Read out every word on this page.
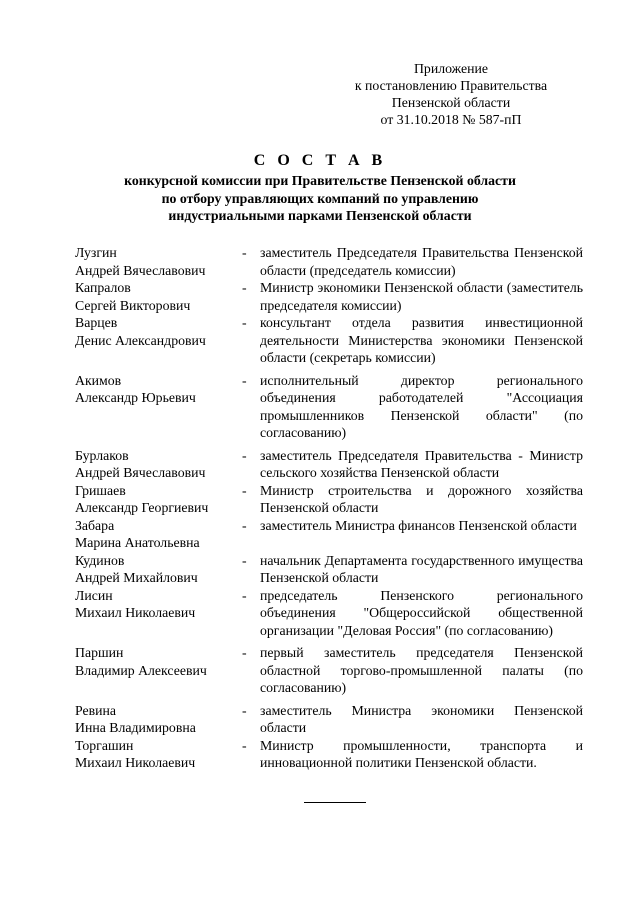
Приложение
к постановлению Правительства
Пензенской области
от 31.10.2018 № 587-пП
С О С Т А В
конкурсной комиссии при Правительстве Пензенской области
по отбору управляющих компаний по управлению
индустриальными парками Пензенской области
Лузгин
Андрей Вячеславович
- заместитель Председателя Правительства Пензенской области (председатель комиссии)
Капралов
Сергей Викторович
- Министр экономики Пензенской области (заместитель председателя комиссии)
Варцев
Денис Александрович
- консультант отдела развития инвестиционной деятельности Министерства экономики Пензенской области (секретарь комиссии)
Акимов
Александр Юрьевич
- исполнительный директор регионального объединения работодателей "Ассоциация промышленников Пензенской области" (по согласованию)
Бурлаков
Андрей Вячеславович
- заместитель Председателя Правительства - Министр сельского хозяйства Пензенской области
Гришаев
Александр Георгиевич
- Министр строительства и дорожного хозяйства Пензенской области
Забара
Марина Анатольевна
- заместитель Министра финансов Пензенской области
Кудинов
Андрей Михайлович
- начальник Департамента государственного имущества Пензенской области
Лисин
Михаил Николаевич
- председатель Пензенского регионального объединения "Общероссийской общественной организации "Деловая Россия" (по согласованию)
Паршин
Владимир Алексеевич
- первый заместитель председателя Пензенской областной торгово-промышленной палаты (по согласованию)
Ревина
Инна Владимировна
- заместитель Министра экономики Пензенской области
Торгашин
Михаил Николаевич
- Министр промышленности, транспорта и инновационной политики Пензенской области.
